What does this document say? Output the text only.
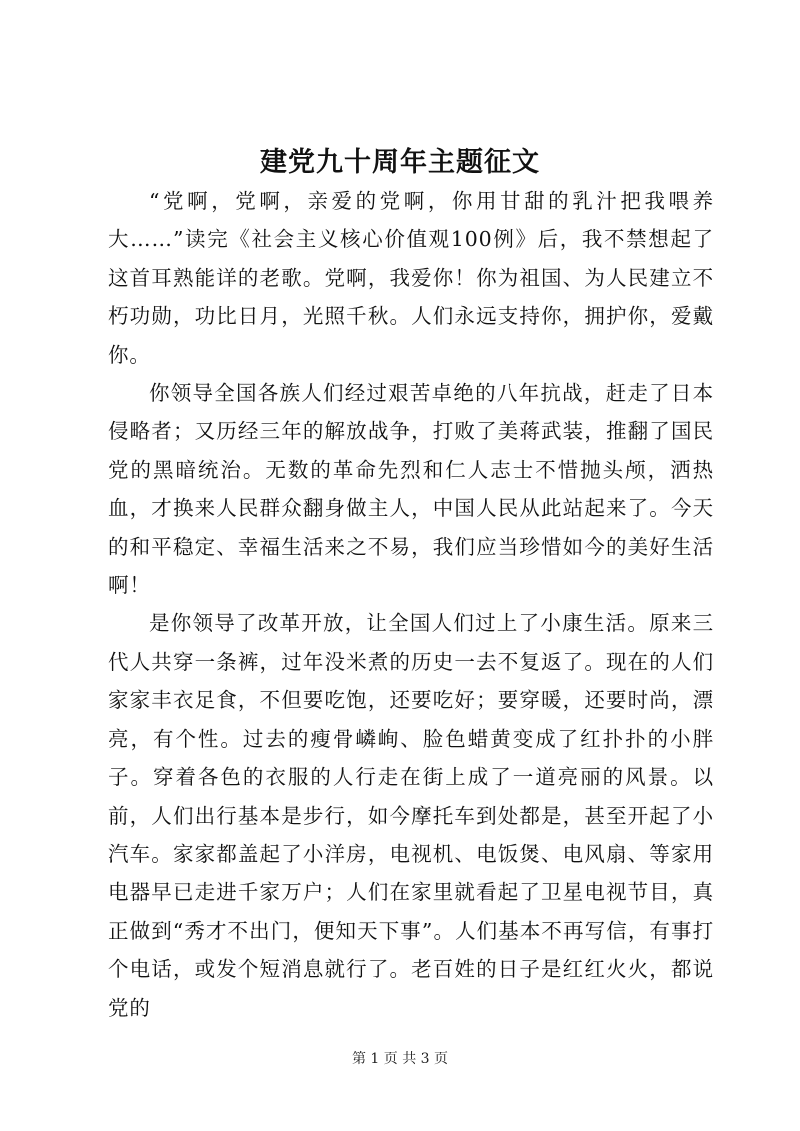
建党九十周年主题征文

“党啊，党啊，亲爱的党啊，你用甘甜的乳汁把我喂养大……”读完《社会主义核心价值观100例》后，我不禁想起了这首耳熟能详的老歌。党啊，我爱你！你为祖国、为人民建立不朽功勋，功比日月，光照千秋。人们永远支持你，拥护你，爱戴你。

你领导全国各族人们经过艰苦卓绝的八年抗战，赶走了日本侵略者；又历经三年的解放战争，打败了美蒋武装，推翻了国民党的黑暗统治。无数的革命先烈和仁人志士不惜抛头颅，洒热血，才换来人民群众翻身做主人，中国人民从此站起来了。今天的和平稳定、幸福生活来之不易，我们应当珍惜如今的美好生活啊！

是你领导了改革开放，让全国人们过上了小康生活。原来三代人共穿一条裤，过年没米煮的历史一去不复返了。现在的人们家家丰衣足食，不但要吃饱，还要吃好；要穿暖，还要时尚，漂亮，有个性。过去的瘦骨嶙峋、脸色蜡黄变成了红扑扑的小胖子。穿着各色的衣服的人行走在街上成了一道亮丽的风景。以前，人们出行基本是步行，如今摩托车到处都是，甚至开起了小汽车。家家都盖起了小洋房，电视机、电饭煲、电风扇、等家用电器早已走进千家万户；人们在家里就看起了卫星电视节目，真正做到“秀才不出门，便知天下事”。人们基本不再写信，有事打个电话，或发个短消息就行了。老百姓的日子是红红火火，都说党的

第 1 页 共 3 页
